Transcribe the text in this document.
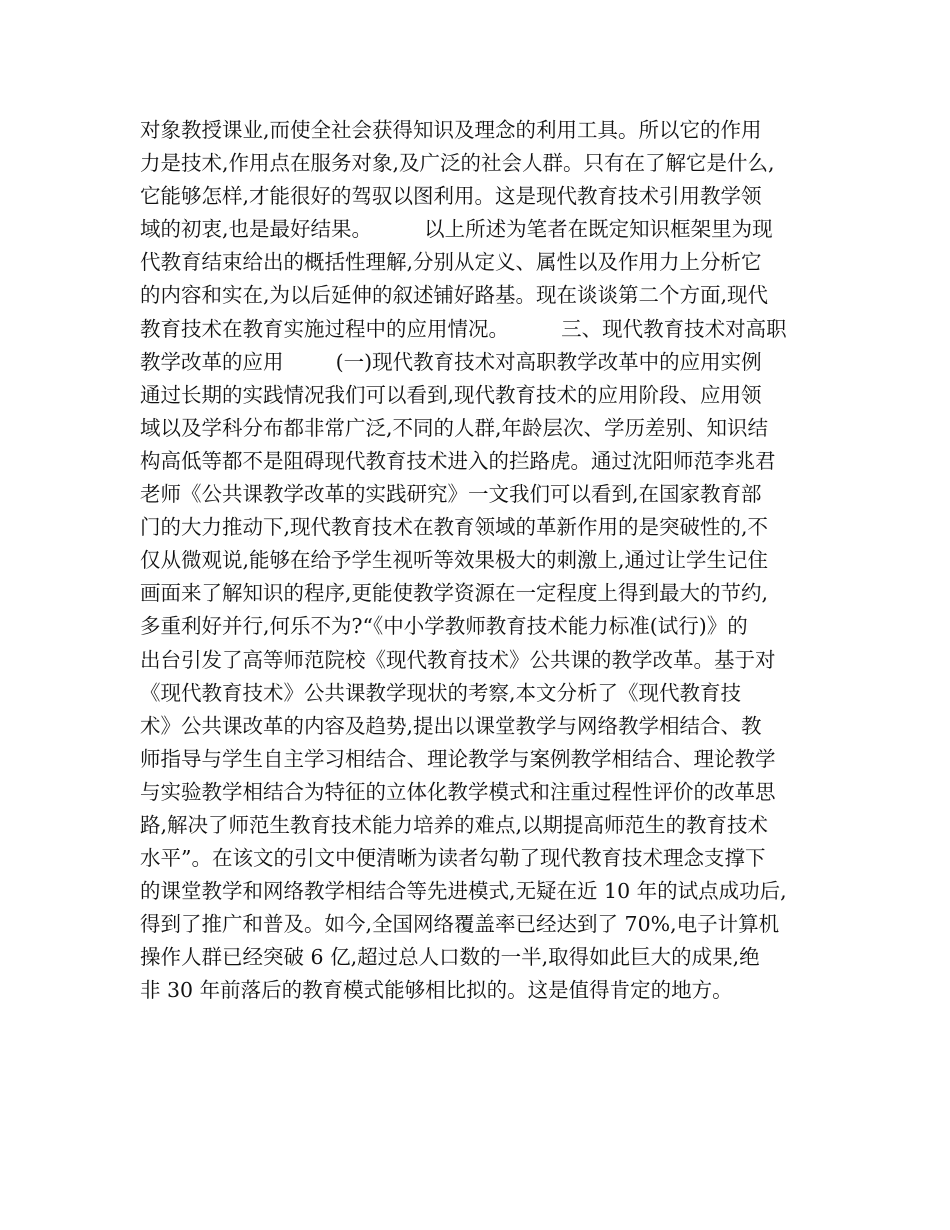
对象教授课业,而使全社会获得知识及理念的利用工具。所以它的作用
力是技术,作用点在服务对象,及广泛的社会人群。只有在了解它是什么,
它能够怎样,才能很好的驾驭以图利用。这是现代教育技术引用教学领
域的初衷,也是最好结果。        以上所述为笔者在既定知识框架里为现
代教育结束给出的概括性理解,分别从定义、属性以及作用力上分析它
的内容和实在,为以后延伸的叙述铺好路基。现在谈谈第二个方面,现代
教育技术在教育实施过程中的应用情况。        三、现代教育技术对高职
教学改革的应用        (一)现代教育技术对高职教学改革中的应用实例
通过长期的实践情况我们可以看到,现代教育技术的应用阶段、应用领
域以及学科分布都非常广泛,不同的人群,年龄层次、学历差别、知识结
构高低等都不是阻碍现代教育技术进入的拦路虎。通过沈阳师范李兆君
老师《公共课教学改革的实践研究》一文我们可以看到,在国家教育部
门的大力推动下,现代教育技术在教育领域的革新作用的是突破性的,不
仅从微观说,能够在给予学生视听等效果极大的刺激上,通过让学生记住
画面来了解知识的程序,更能使教学资源在一定程度上得到最大的节约,
多重利好并行,何乐不为?“《中小学教师教育技术能力标准(试行)》的
出台引发了高等师范院校《现代教育技术》公共课的教学改革。基于对
《现代教育技术》公共课教学现状的考察,本文分析了《现代教育技
术》公共课改革的内容及趋势,提出以课堂教学与网络教学相结合、教
师指导与学生自主学习相结合、理论教学与案例教学相结合、理论教学
与实验教学相结合为特征的立体化教学模式和注重过程性评价的改革思
路,解决了师范生教育技术能力培养的难点,以期提高师范生的教育技术
水平”。在该文的引文中便清晰为读者勾勒了现代教育技术理念支撑下
的课堂教学和网络教学相结合等先进模式,无疑在近 10 年的试点成功后,
得到了推广和普及。如今,全国网络覆盖率已经达到了 70%,电子计算机
操作人群已经突破 6 亿,超过总人口数的一半,取得如此巨大的成果,绝
非 30 年前落后的教育模式能够相比拟的。这是值得肯定的地方。
